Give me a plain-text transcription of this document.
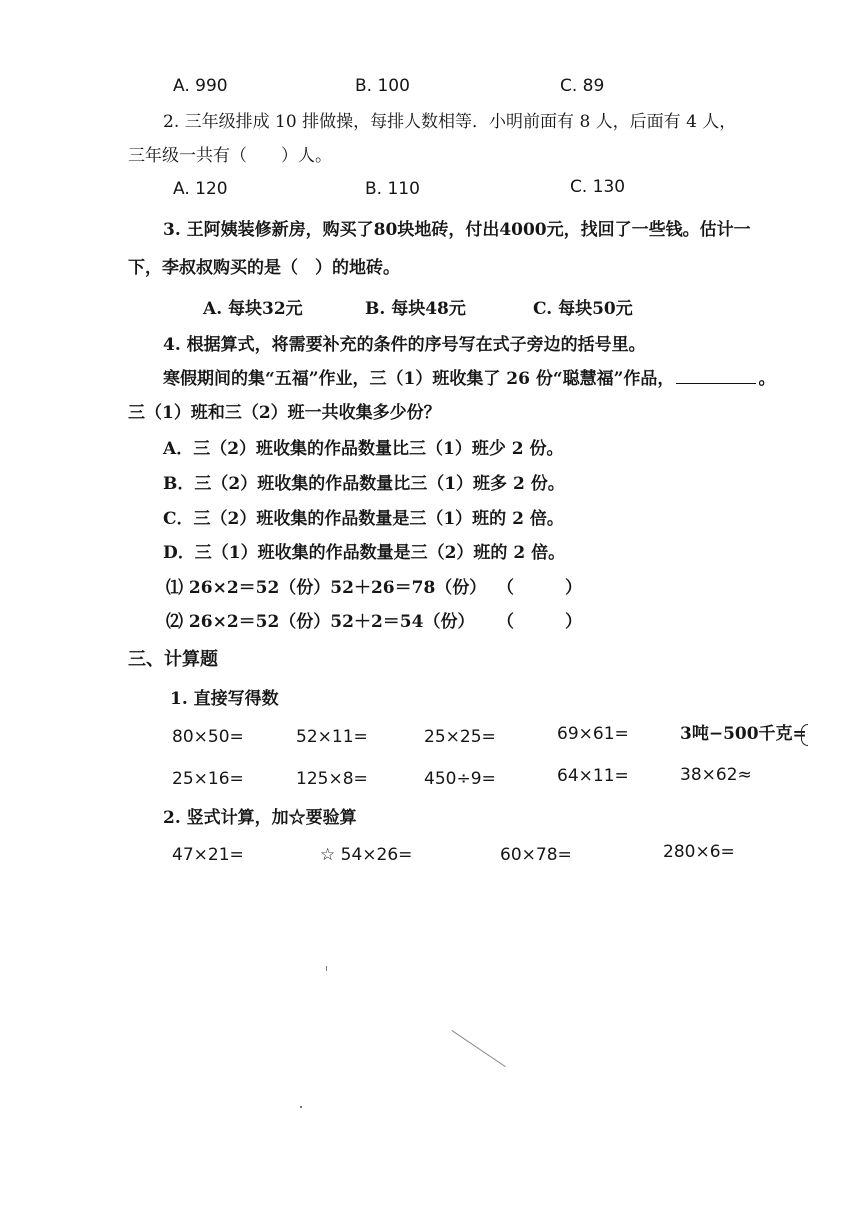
A. 990	B. 100	C. 89
2. 三年级排成 10 排做操，每排人数相等．小明前面有 8 人，后面有 4 人，
三年级一共有（　　）人。
A. 120	B. 110	C. 130
3. 王阿姨装修新房，购买了80块地砖，付出4000元，找回了一些钱。估计一
下，李叔叔购买的是（　）的地砖。
A. 每块32元	B. 每块48元	C. 每块50元
4. 根据算式，将需要补充的条件的序号写在式子旁边的括号里。
寒假期间的集“五福”作业，三（1）班收集了 26 份“聪慧福”作品，	。
三（1）班和三（2）班一共收集多少份？
A．三（2）班收集的作品数量比三（1）班少 2 份。
B．三（2）班收集的作品数量比三（1）班多 2 份。
C．三（2）班收集的作品数量是三（1）班的 2 倍。
D．三（1）班收集的作品数量是三（2）班的 2 倍。
⑴ 26×2＝52（份）52＋26＝78（份） （　　　）
⑵ 26×2＝52（份）52＋2＝54（份） （　　　）
三、计算题
1. 直接写得数
80×50=	52×11=	25×25=	69×61=	3吨−500千克=
25×16=	125×8=	450÷9=	64×11=	38×62≈
2. 竖式计算，加☆要验算
47×21=	☆ 54×26=	60×78=	280×6=
